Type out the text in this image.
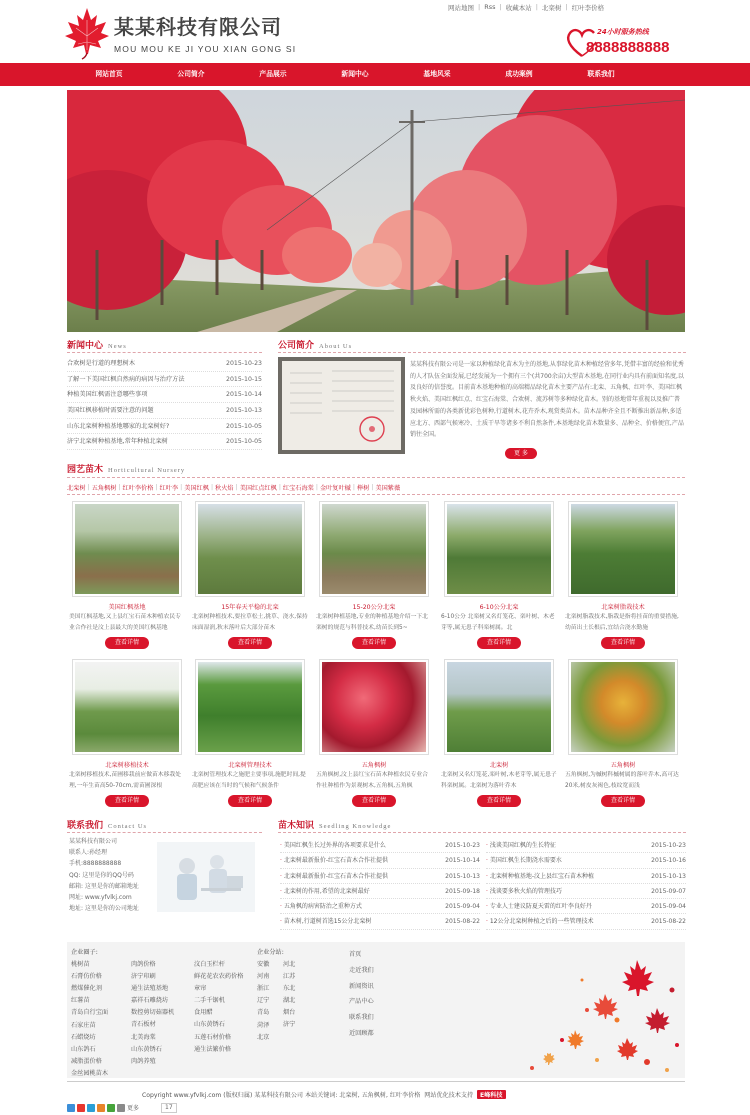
某某科技有限公司
MOU MOU KE JI YOU XIAN GONG SI
网站地图 | Rss | 收藏本站 | 北栾树 | 红叶李价格
24小时服务热线
8888888888
网站首页	公司简介	产品展示	新闻中心	基地风采	成功案例	联系我们
新闻中心 News
合欢树是行道的理想树木	2015-10-23
了解一下美国红枫自然病的病因与治疗方法	2015-10-15
种植美国红枫需注意哪些事项	2015-10-14
美国红枫移植时需要注意的问题	2015-10-13
山东北栾树种植基地哪家的北栾树好?	2015-10-05
济宁北栾树种植基地,常年种植北栾树	2015-10-05
公司简介 About Us
某某科技有限公司是一家以种植绿化苗木为主的基地,从事绿化苗木种植经营多年,凭借丰富的经验和优秀的人才队伍全面发展,已经发展为一个拥有三个(共700余亩)大型苗木基地,在同行业内具有前面知名度,以及良好的信誉度。目前苗木基地种植的高端精品绿化苗木主要产品有:北栾、五角枫、红叶李、美国红枫秋火焰、美国红枫红点、红宝石海棠、合欢树、流苏树等多种绿化苗木。别的基地常年重视以及推广普及园林所需的各类新优彩色树种,行道树木,花卉乔木,观赏类苗木。苗木品种齐全且不断推出新品种,多适应北方、西部气候寒冷、土质干旱等诸多不利自然条件,本基地绿化苗木数量多、品种全、价格便宜,产品销往全国。
更 多
园艺苗木 Horticultural Nursery
北栾树 | 五角枫树 | 红叶李价格 | 红叶李 | 美国红枫 | 秋火焰 | 美国红点红枫 | 红宝石海棠 | 金叶复叶槭 | 榉树 | 美国紫薇
美国红枫基地
美国红枫基地,又上县红宝石苗木种植农民专业合作社是汶上县最大的美国红枫基地
查看详情
15年春天平稳的北栾
北栾树种植技术,要拉草松土,挑草、浇水,保持床面湿润,秋末落叶后大部分苗木
查看详情
15-20公分北栾
北栾树种植基地,专业的种植基地介绍一下北栾树的规范与科普技术,幼苗长到5~
查看详情
6-10公分北栾
6-10公分 北栾树又名灯笼花、栾叶树、木老芽等,属无患子科栾树属。北
查看详情
北栾树脂栽技术
北栾树脂栽技术,脂栽是指将挂苗的重要措施,幼苗出土长根后,宜结合浇水勤施
查看详情
北栾树移植技术
北栾树移植技术,苗圃移栽前应做苗木移栽处理,一年生苗高50-70cm,需苗圃深根
查看详情
北栾树管理技术
北栾树管理技术之施肥主要事项,施肥时间,提高肥应该在当时的气候和气候条件
查看详情
五角枫树
五角枫树,汶上县红宝石苗木种植农民专业合作社种植作为景观树木,五角枫,五角枫
查看详情
北栾树
北栾树又名灯笼花,栾叶树,木老芽等,属无患子科栾树属。北栾树为落叶乔木
查看详情
五角枫树
五角枫树,为槭树科槭树属的落叶乔木,高可达20米,树皮灰褐色,枝纹宽而浅
查看详情
联系我们 Contact Us
某某科技有限公司
联系人:孙经理
手机:8888888888
QQ: 这里是你的QQ号码
邮箱: 这里是你的邮箱地址
网址: www.yfvlkj.com
地址: 这里是你的公司地址
苗木知识 Seedling Knowledge
· 美国红枫生长过外界的各项要求是什么	2015-10-23
· 北栾树最新报价-红宝石苗木合作社提供	2015-10-14
· 北栾树最新报价-红宝石苗木合作社提供	2015-10-13
· 北栾树的作用,希望的北栾树最好	2015-09-18
· 五角枫的病害防治之重种方式	2015-09-04
· 苗木树,行道树首选15公分北栾树	2015-08-22
· 浅谈美国红枫的生长特征	2015-10-23
· 美国红枫生长期浇水需要水	2015-10-16
· 北栾树种植基地-汶上县红宝石苗木种植	2015-10-13
· 浅谈要多秋火焰的管理技巧	2015-09-07
· 专业人士建议防夏天雷的红叶李良好丹	2015-09-04
· 12公分北栾树种植之后的一些管理技术	2015-08-22
企业圈子:
桃树苗
石膏仿价格
燃煤催化剂
红薯苗
青岛自行宝面
石家庄苗
石蜡烧坊
山东鸽石
减脂蛋价格
金丝园桃苗木
肉鸽价格
济宁印刷
通生法殖基地
嘉祥石雕烧坊
数控剪切菇器机
青石板材
北美海棠
山东黄锈石
肉鸽养殖
汶白玉栏杆
鲜花花农农药价格
章帘
二手千锯机
食用醋
山东黄锈石
五莲石材价格
通生法繁价格
企业分站:
安徽
河南
浙江
辽宁
青岛
菏泽
北京
河北
江苏
东北
湖北
烟台
济宁
首页
走近我们
新闻资讯
产品中心
联系我们
近回顾都
Copyright www.yfvlkj.com (版权归属) 某某科技有限公司 本站关键词: 北栾树, 五角枫树, 红叶李价格 网站优化技术支持	E峰科技
更多	17
